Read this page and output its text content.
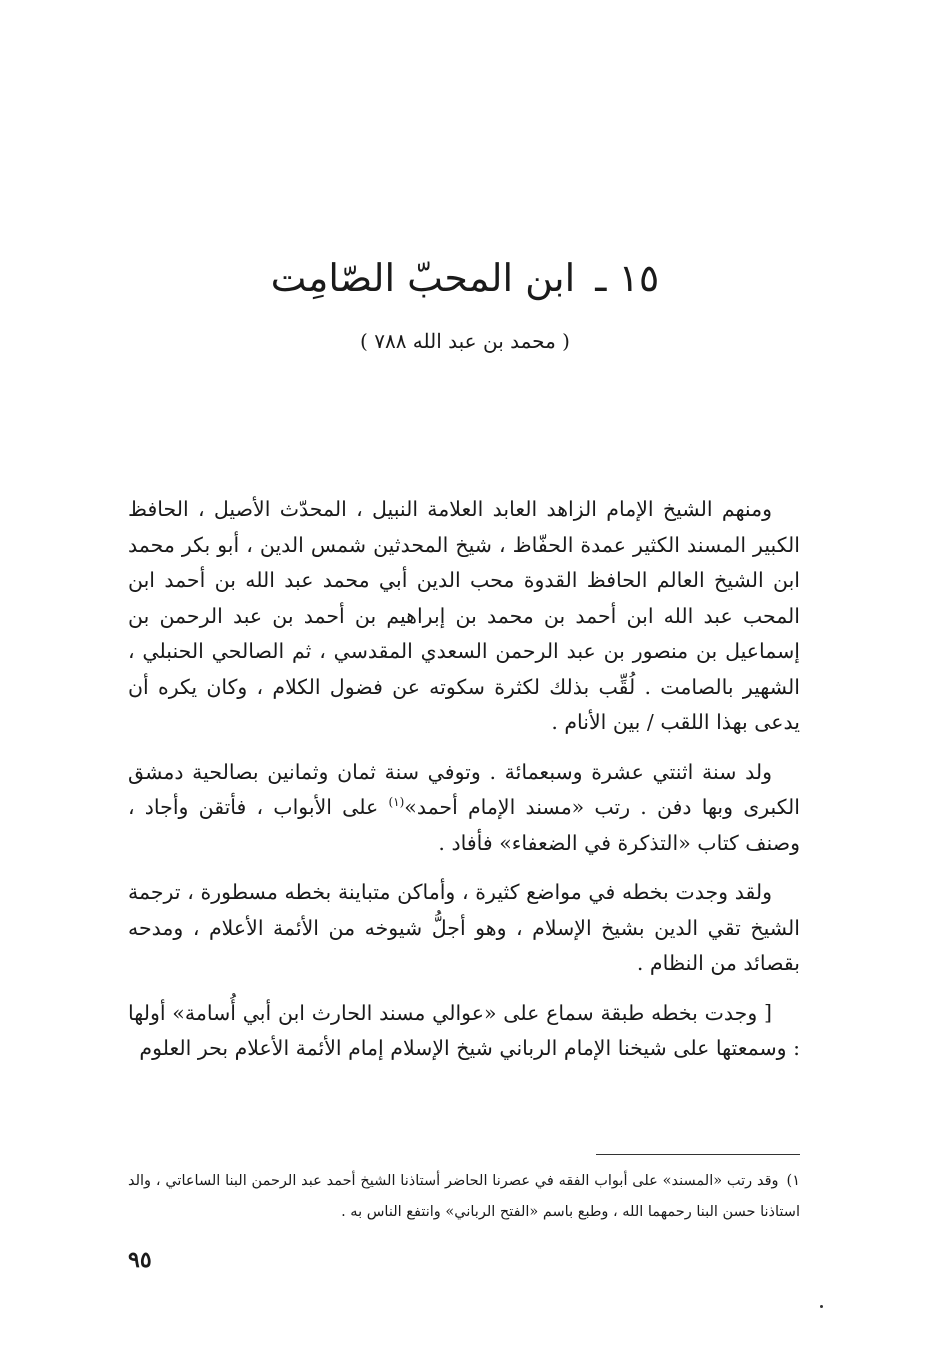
١٥ ـ ابن المحبّ الصّامِت
( محمد بن عبد الله ٧٨٨ )

ومنهم الشيخ الإمام الزاهد العابد العلامة النبيل ، المحدّث الأصيل ، الحافظ الكبير المسند الكثير عمدة الحفّاظ ، شيخ المحدثين شمس الدين ، أبو بكر محمد ابن الشيخ العالم الحافظ القدوة محب الدين أبي محمد عبد الله بن أحمد ابن المحب عبد الله ابن أحمد بن محمد بن إبراهيم بن أحمد بن عبد الرحمن بن إسماعيل بن منصور بن عبد الرحمن السعدي المقدسي ، ثم الصالحي الحنبلي ، الشهير بالصامت . لُقِّب بذلك لكثرة سكوته عن فضول الكلام ، وكان يكره أن يدعى بهذا اللقب / بين الأنام .

ولد سنة اثنتي عشرة وسبعمائة . وتوفي سنة ثمان وثمانين بصالحية دمشق الكبرى وبها دفن . رتب «مسند الإمام أحمد»$^{(١)}$ على الأبواب ، فأتقن وأجاد ، وصنف كتاب «التذكرة في الضعفاء» فأفاد .

ولقد وجدت بخطه في مواضع كثيرة ، وأماكن متباينة بخطه مسطورة ، ترجمة الشيخ تقي الدين بشيخ الإسلام ، وهو أجلُّ شيوخه من الأئمة الأعلام ، ومدحه بقصائد من النظام .

[ وجدت بخطه طبقة سماع على «عوالي مسند الحارث ابن أبي أُسامة» أولها : وسمعتها على شيخنا الإمام الرباني شيخ الإسلام إمام الأئمة الأعلام بحر العلوم

١)وقد رتب «المسند» على أبواب الفقه في عصرنا الحاضر أستاذنا الشيخ أحمد عبد الرحمن البنا الساعاتي ، والد استاذنا حسن البنا رحمهما الله ، وطبع باسم «الفتح الرباني» وانتفع الناس به .
٩٥
